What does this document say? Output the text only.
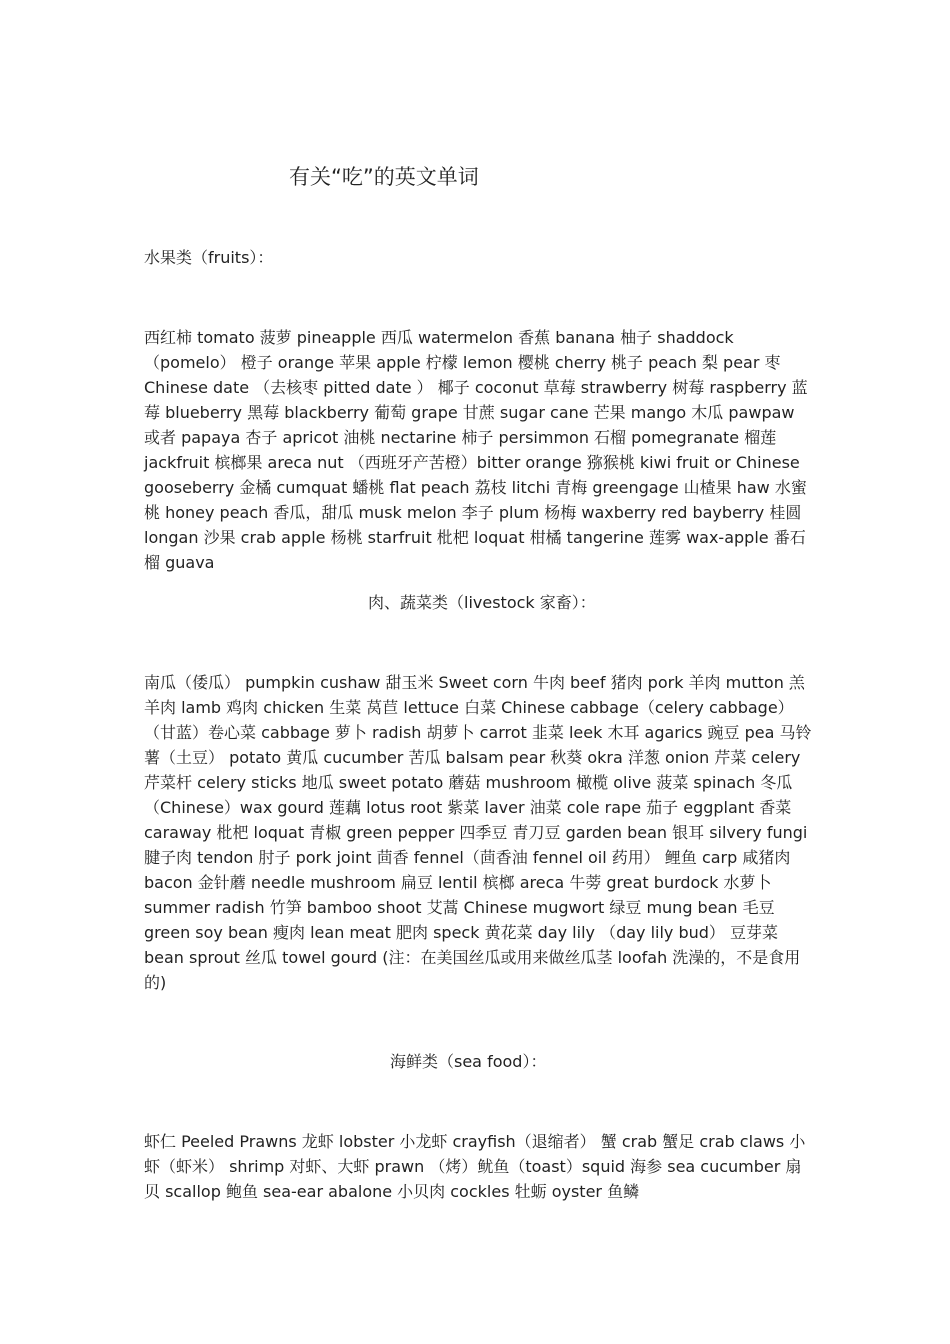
有关“吃”的英文单词
水果类（fruits）：
西红柿 tomato 菠萝 pineapple 西瓜 watermelon 香蕉 banana 柚子 shaddock（pomelo） 橙子 orange 苹果 apple 柠檬 lemon 樱桃 cherry 桃子 peach 梨 pear 枣 Chinese date （去核枣 pitted date ） 椰子 coconut 草莓 strawberry 树莓 raspberry 蓝莓 blueberry 黑莓 blackberry 葡萄 grape 甘蔗 sugar cane 芒果 mango 木瓜 pawpaw 或者 papaya 杏子 apricot 油桃 nectarine 柿子 persimmon 石榴 pomegranate 榴莲 jackfruit 槟榔果 areca nut （西班牙产苦橙）bitter orange 猕猴桃 kiwi fruit or Chinese gooseberry 金橘 cumquat 蟠桃 flat peach 荔枝 litchi 青梅 greengage 山楂果 haw 水蜜桃 honey peach 香瓜，甜瓜 musk melon 李子 plum 杨梅 waxberry red bayberry 桂圆 longan 沙果 crab apple 杨桃 starfruit 枇杷 loquat 柑橘 tangerine 莲雾 wax-apple 番石榴 guava
肉、蔬菜类（livestock 家畜）：
南瓜（倭瓜） pumpkin cushaw 甜玉米 Sweet corn 牛肉 beef 猪肉 pork 羊肉 mutton 羔羊肉 lamb 鸡肉 chicken 生菜 莴苣 lettuce 白菜 Chinese cabbage（celery cabbage）（甘蓝）卷心菜 cabbage 萝卜 radish 胡萝卜 carrot 韭菜 leek 木耳 agarics 豌豆 pea 马铃薯（土豆） potato 黄瓜 cucumber 苦瓜 balsam pear 秋葵 okra 洋葱 onion 芹菜 celery 芹菜杆 celery sticks 地瓜 sweet potato 蘑菇 mushroom 橄榄 olive 菠菜 spinach 冬瓜 （Chinese）wax gourd 莲藕 lotus root 紫菜 laver 油菜 cole rape 茄子 eggplant 香菜 caraway 枇杷 loquat 青椒 green pepper 四季豆 青刀豆 garden bean 银耳 silvery fungi 腱子肉 tendon 肘子 pork joint 茴香 fennel（茴香油 fennel oil 药用） 鲤鱼 carp 咸猪肉 bacon 金针蘑 needle mushroom 扁豆 lentil 槟榔 areca 牛蒡 great burdock 水萝卜 summer radish 竹笋 bamboo shoot 艾蒿 Chinese mugwort 绿豆 mung bean 毛豆 green soy bean 瘦肉 lean meat 肥肉 speck 黄花菜 day lily （day lily bud） 豆芽菜 bean sprout 丝瓜 towel gourd (注：在美国丝瓜或用来做丝瓜茎 loofah 洗澡的，不是食用的)
海鲜类（sea food）：
虾仁 Peeled Prawns 龙虾 lobster 小龙虾 crayfish（退缩者） 蟹 crab 蟹足 crab claws 小虾（虾米） shrimp 对虾、大虾 prawn （烤）鱿鱼（toast）squid 海参 sea cucumber 扇贝 scallop 鲍鱼 sea-ear abalone 小贝肉 cockles 牡蛎 oyster 鱼鳞
